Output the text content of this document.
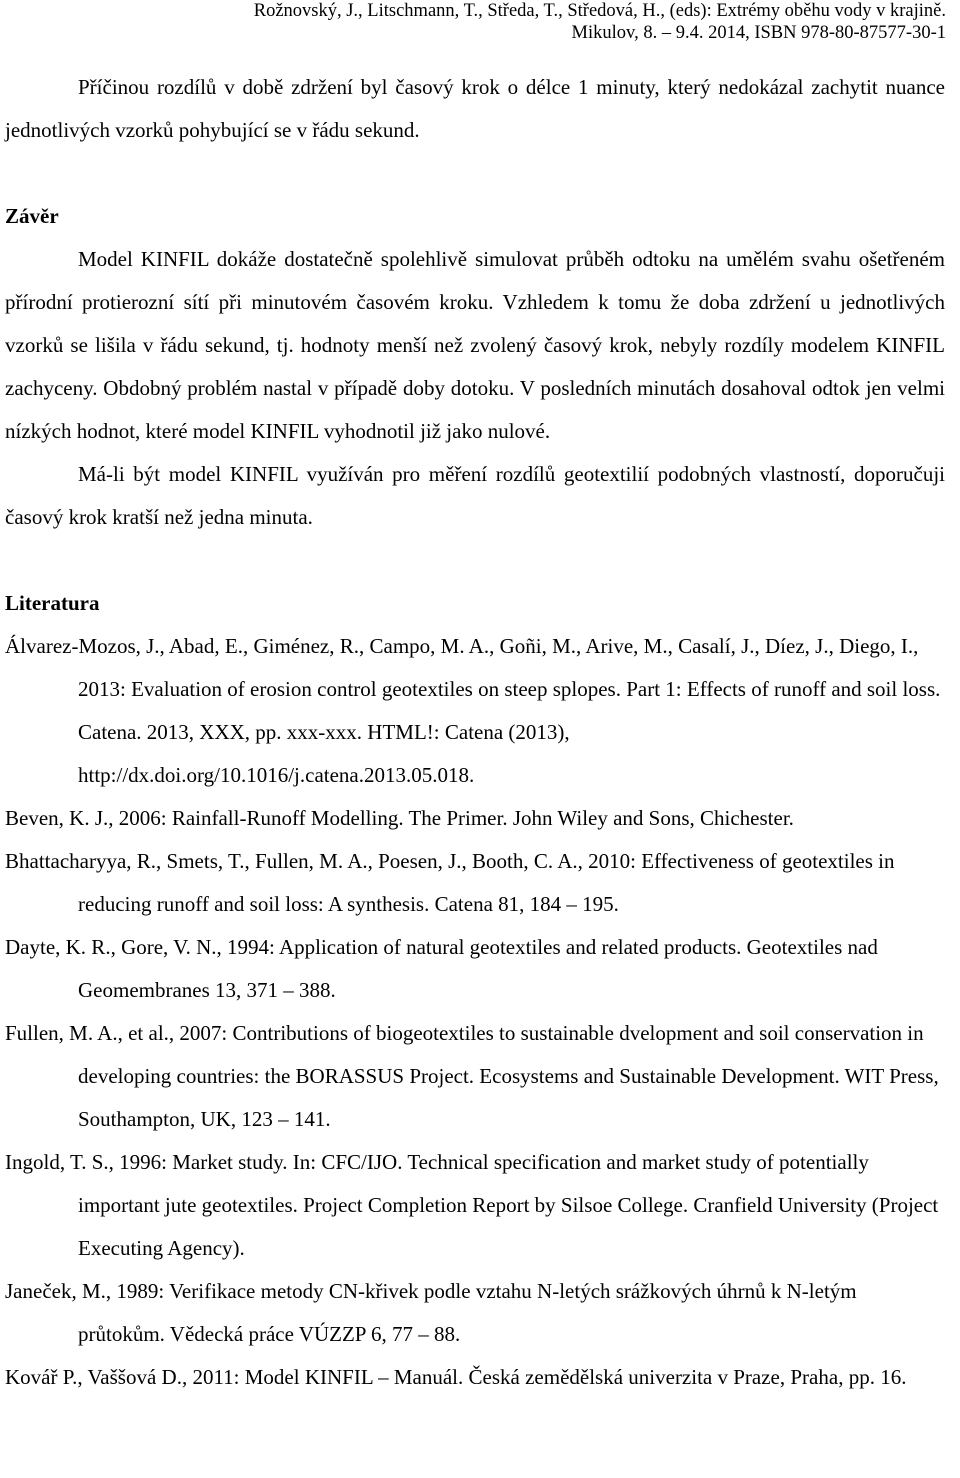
Rožnovský, J., Litschmann, T., Středa, T., Středová, H., (eds): Extrémy oběhu vody v krajině.
Mikulov, 8. – 9.4. 2014, ISBN 978-80-87577-30-1

Příčinou rozdílů v době zdržení byl časový krok o délce 1 minuty, který nedokázal zachytit nuance jednotlivých vzorků pohybující se v řádu sekund.

Závěr

Model KINFIL dokáže dostatečně spolehlivě simulovat průběh odtoku na umělém svahu ošetřeném přírodní protierozní sítí při minutovém časovém kroku. Vzhledem k tomu že doba zdržení u jednotlivých vzorků se lišila v řádu sekund, tj. hodnoty menší než zvolený časový krok, nebyly rozdíly modelem KINFIL zachyceny. Obdobný problém nastal v případě doby dotoku. V posledních minutách dosahoval odtok jen velmi nízkých hodnot, které model KINFIL vyhodnotil již jako nulové.

Má-li být model KINFIL využíván pro měření rozdílů geotextilií podobných vlastností, doporučuji časový krok kratší než jedna minuta.

Literatura

Álvarez-Mozos, J., Abad, E., Giménez, R., Campo, M. A., Goñi, M., Arive, M., Casalí, J., Díez, J., Diego, I., 2013: Evaluation of erosion control geotextiles on steep splopes. Part 1: Effects of runoff and soil loss. Catena. 2013, XXX, pp. xxx-xxx. HTML!: Catena (2013), http://dx.doi.org/10.1016/j.catena.2013.05.018.

Beven, K. J., 2006: Rainfall-Runoff Modelling. The Primer. John Wiley and Sons, Chichester.

Bhattacharyya, R., Smets, T., Fullen, M. A., Poesen, J., Booth, C. A., 2010: Effectiveness of geotextiles in reducing runoff and soil loss: A synthesis. Catena 81, 184 – 195.

Dayte, K. R., Gore, V. N., 1994: Application of natural geotextiles and related products. Geotextiles nad Geomembranes 13, 371 – 388.

Fullen, M. A., et al., 2007: Contributions of biogeotextiles to sustainable dvelopment and soil conservation in developing countries: the BORASSUS Project. Ecosystems and Sustainable Development. WIT Press, Southampton, UK, 123 – 141.

Ingold, T. S., 1996: Market study. In: CFC/IJO. Technical specification and market study of potentially important jute geotextiles. Project Completion Report by Silsoe College. Cranfield University (Project Executing Agency).

Janeček, M., 1989: Verifikace metody CN-křivek podle vztahu N-letých srážkových úhrnů k N-letým průtokům. Vědecká práce VÚZZP 6, 77 – 88.

Kovář P., Vaššová D., 2011: Model KINFIL – Manuál. Česká zemědělská univerzita v Praze, Praha, pp. 16.
